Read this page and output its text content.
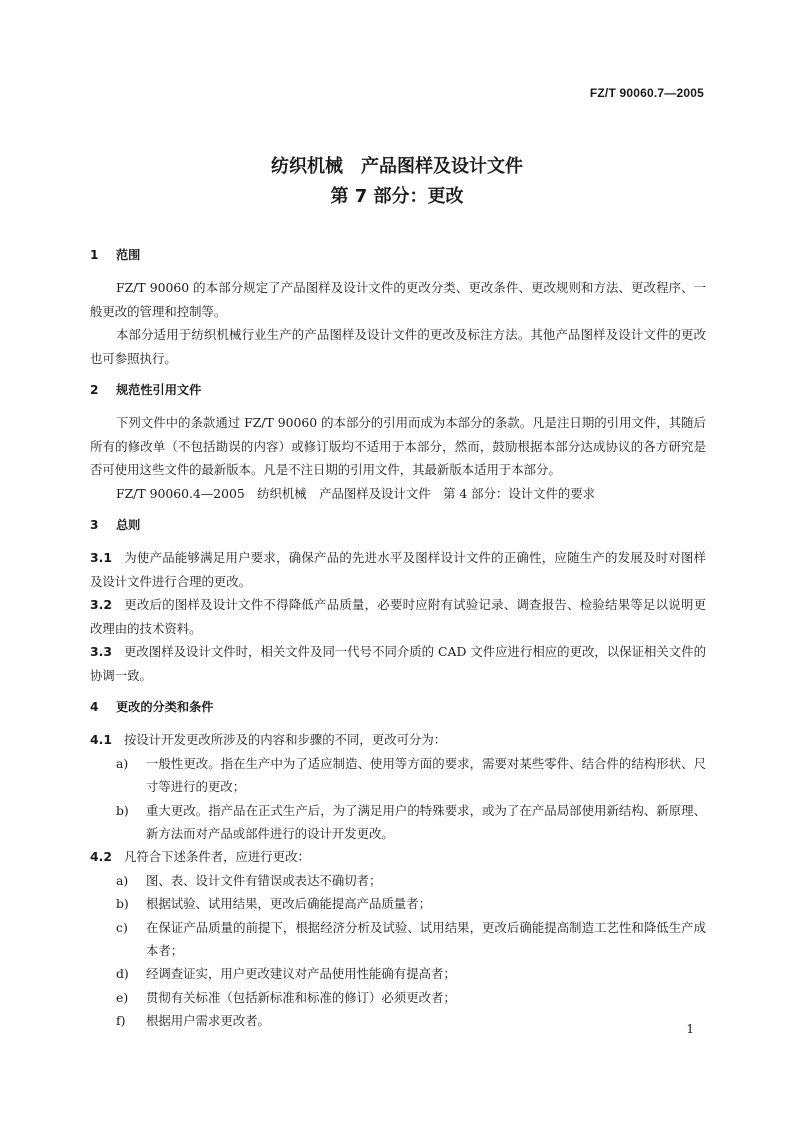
FZ/T 90060.7—2005
纺织机械　产品图样及设计文件
第 7 部分：更改
1 范围

FZ/T 90060 的本部分规定了产品图样及设计文件的更改分类、更改条件、更改规则和方法、更改程序、一般更改的管理和控制等。

本部分适用于纺织机械行业生产的产品图样及设计文件的更改及标注方法。其他产品图样及设计文件的更改也可参照执行。

2 规范性引用文件

下列文件中的条款通过 FZ/T 90060 的本部分的引用而成为本部分的条款。凡是注日期的引用文件，其随后所有的修改单（不包括勘误的内容）或修订版均不适用于本部分，然而，鼓励根据本部分达成协议的各方研究是否可使用这些文件的最新版本。凡是不注日期的引用文件，其最新版本适用于本部分。

FZ/T 90060.4—2005　纺织机械　产品图样及设计文件　第 4 部分：设计文件的要求

3 总则

3.1 为使产品能够满足用户要求，确保产品的先进水平及图样设计文件的正确性，应随生产的发展及时对图样及设计文件进行合理的更改。

3.2 更改后的图样及设计文件不得降低产品质量，必要时应附有试验记录、调查报告、检验结果等足以说明更改理由的技术资料。

3.3 更改图样及设计文件时，相关文件及同一代号不同介质的 CAD 文件应进行相应的更改，以保证相关文件的协调一致。

4 更改的分类和条件

4.1 按设计开发更改所涉及的内容和步骤的不同，更改可分为：

a)	一般性更改。指在生产中为了适应制造、使用等方面的要求，需要对某些零件、结合件的结构形状、尺寸等进行的更改；
b)	重大更改。指产品在正式生产后，为了满足用户的特殊要求，或为了在产品局部使用新结构、新原理、新方法而对产品或部件进行的设计开发更改。

4.2 凡符合下述条件者，应进行更改：

a)	图、表、设计文件有错误或表达不确切者；
b)	根据试验、试用结果，更改后确能提高产品质量者；
c)	在保证产品质量的前提下，根据经济分析及试验、试用结果，更改后确能提高制造工艺性和降低生产成本者；
d)	经调查证实，用户更改建议对产品使用性能确有提高者；
e)	贯彻有关标准（包括新标准和标准的修订）必须更改者；
f)	根据用户需求更改者。
1
